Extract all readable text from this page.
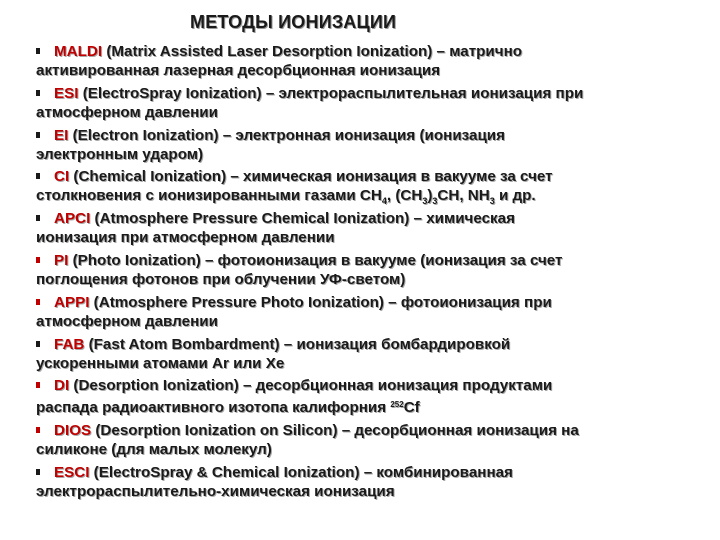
МЕТОДЫ ИОНИЗАЦИИ
MALDI (Matrix Assisted Laser Desorption Ionization) – матрично
активированная лазерная десорбционная ионизация
ESI (ElectroSpray Ionization) – электрораспылительная ионизация при
атмосферном давлении
EI (Electron Ionization) – электронная ионизация (ионизация
электронным ударом)
CI (Chemical Ionization) – химическая ионизация в вакууме за счет
столкновения с ионизированными газами $CH_4$, $(CH_3)_3CH$, $NH_3$ и др.
APCI (Atmosphere Pressure Chemical Ionization) – химическая
ионизация при атмосферном давлении
PI (Photo Ionization) – фотоионизация в вакууме (ионизация за счет
поглощения фотонов при облучении УФ-светом)
APPI (Atmosphere Pressure Photo Ionization) – фотоионизация при
атмосферном давлении
FAB (Fast Atom Bombardment) – ионизация бомбардировкой
ускоренными атомами Ar или Xe
DI (Desorption Ionization) – десорбционная ионизация продуктами
распада радиоактивного изотопа калифорния $^{252}$Cf
DIOS (Desorption Ionization on Silicon) – десорбционная ионизация на
силиконе (для малых молекул)
ESCI (ElectroSpray & Chemical Ionization) – комбинированная
электрораспылительно-химическая ионизация
